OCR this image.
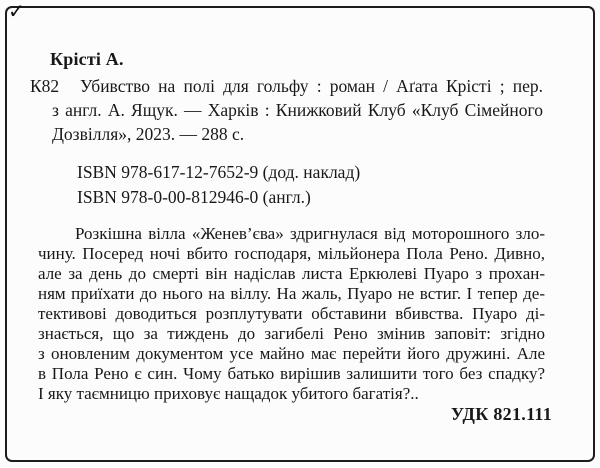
✓
Крісті А.
К82 Убивство на полі для гольфу : роман / Аґата Крісті ; пер.
з англ. А. Ящук. — Харків : Книжковий Клуб «Клуб Сімейного
Дозвілля», 2023. — 288 с.
ISBN 978-617-12-7652-9 (дод. наклад)
ISBN 978-0-00-812946-0 (англ.)
Розкішна вілла «Женев’єва» здригнулася від моторошного зло-
чину. Посеред ночі вбито господаря, мільйонера Пола Рено. Дивно,
але за день до смерті він надіслав листа Еркюлеві Пуаро з прохан-
ням приїхати до нього на віллу. На жаль, Пуаро не встиг. І тепер де-
тективові доводиться розплутувати обставини вбивства. Пуаро ді-
знається, що за тиждень до загибелі Рено змінив заповіт: згідно
з оновленим документом усе майно має перейти його дружині. Але
в Пола Рено є син. Чому батько вирішив залишити того без спадку?
І яку таємницю приховує нащадок убитого багатія?..
УДК 821.111
